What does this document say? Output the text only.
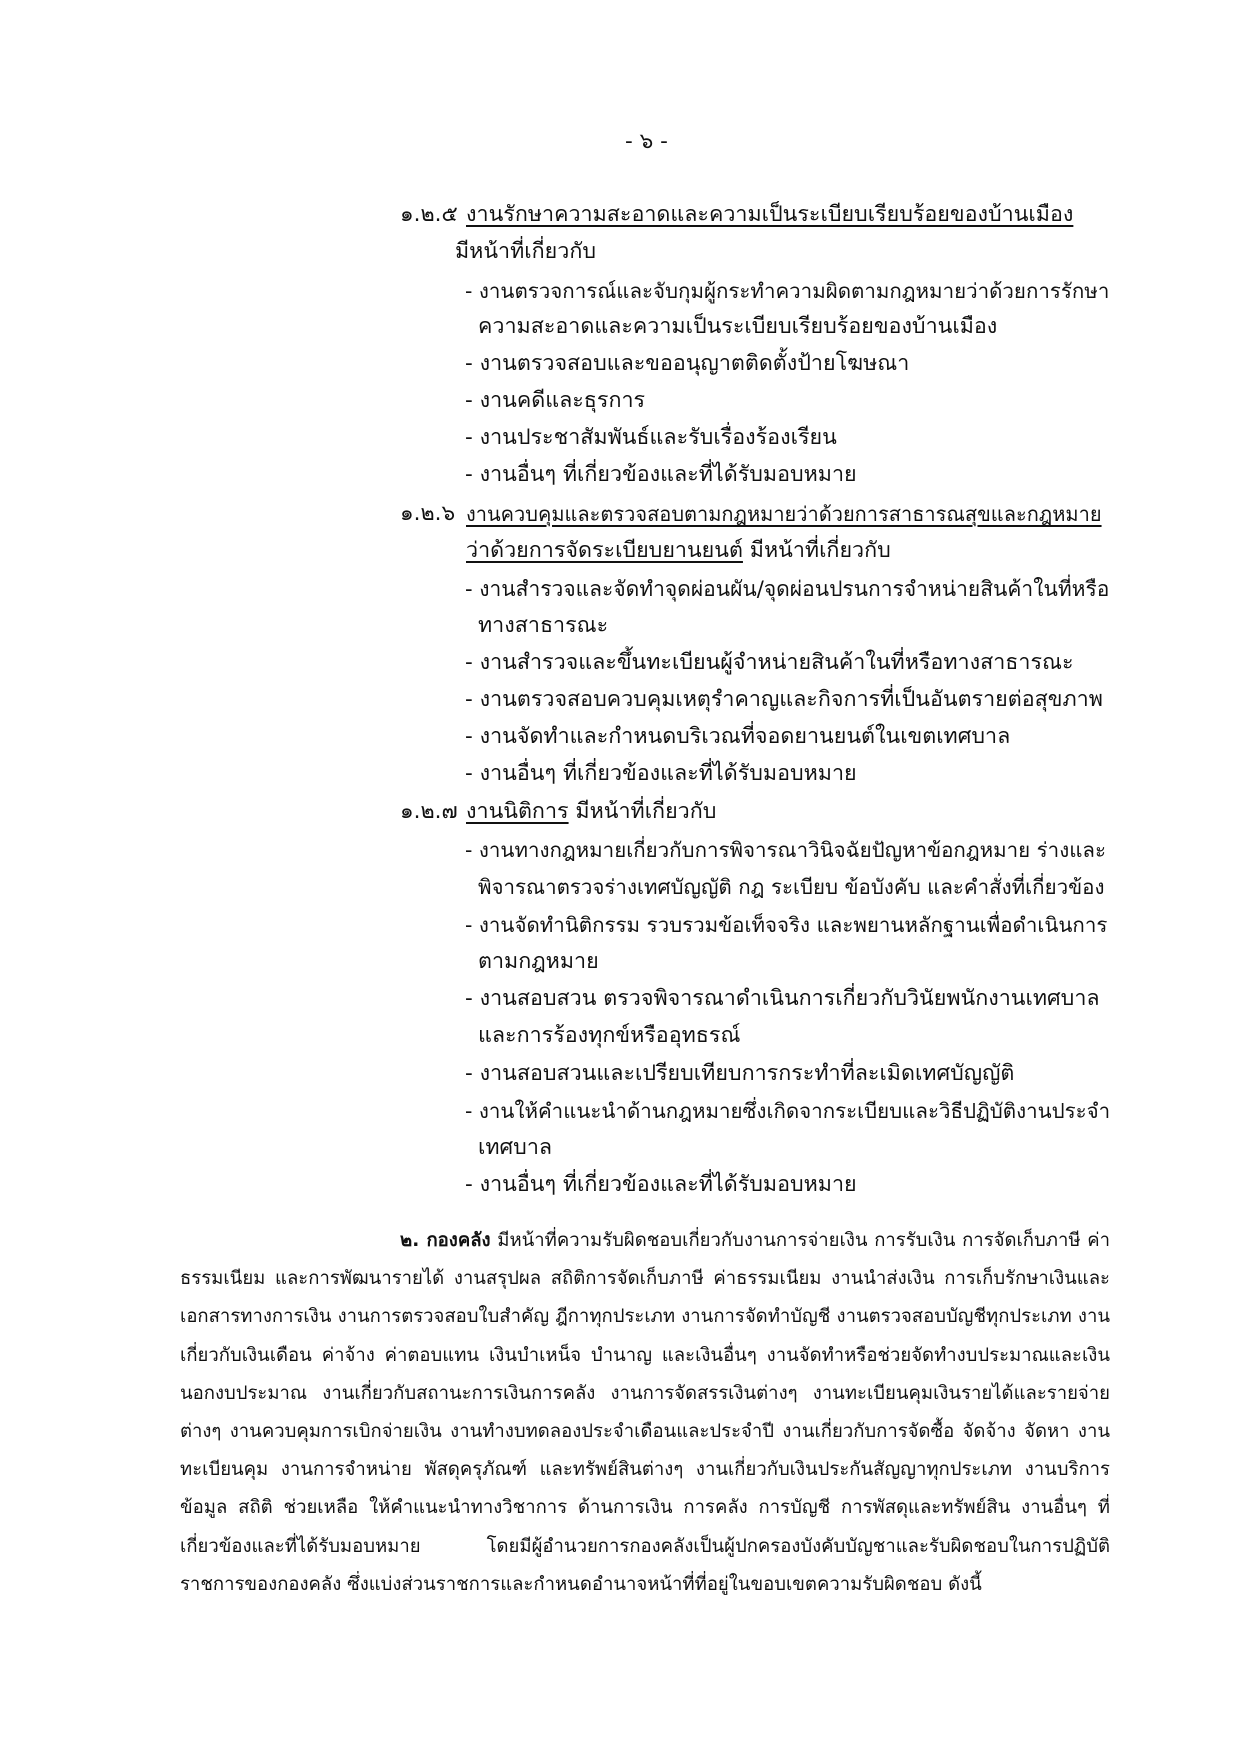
- ๖ -
๑.๒.๕ งานรักษาความสะอาดและความเป็นระเบียบเรียบร้อยของบ้านเมือง
มีหน้าที่เกี่ยวกับ
- งานตรวจการณ์และจับกุมผู้กระทำความผิดตามกฎหมายว่าด้วยการรักษา
ความสะอาดและความเป็นระเบียบเรียบร้อยของบ้านเมือง
- งานตรวจสอบและขออนุญาตติดตั้งป้ายโฆษณา
- งานคดีและธุรการ
- งานประชาสัมพันธ์และรับเรื่องร้องเรียน
- งานอื่นๆ ที่เกี่ยวข้องและที่ได้รับมอบหมาย
๑.๒.๖ งานควบคุมและตรวจสอบตามกฎหมายว่าด้วยการสาธารณสุขและกฎหมาย
ว่าด้วยการจัดระเบียบยานยนต์ มีหน้าที่เกี่ยวกับ
- งานสำรวจและจัดทำจุดผ่อนผัน/จุดผ่อนปรนการจำหน่ายสินค้าในที่หรือ
ทางสาธารณะ
- งานสำรวจและขึ้นทะเบียนผู้จำหน่ายสินค้าในที่หรือทางสาธารณะ
- งานตรวจสอบควบคุมเหตุรำคาญและกิจการที่เป็นอันตรายต่อสุขภาพ
- งานจัดทำและกำหนดบริเวณที่จอดยานยนต์ในเขตเทศบาล
- งานอื่นๆ ที่เกี่ยวข้องและที่ได้รับมอบหมาย
๑.๒.๗ งานนิติการ มีหน้าที่เกี่ยวกับ
- งานทางกฎหมายเกี่ยวกับการพิจารณาวินิจฉัยปัญหาข้อกฎหมาย ร่างและ
พิจารณาตรวจร่างเทศบัญญัติ กฎ ระเบียบ ข้อบังคับ และคำสั่งที่เกี่ยวข้อง
- งานจัดทำนิติกรรม รวบรวมข้อเท็จจริง และพยานหลักฐานเพื่อดำเนินการ
ตามกฎหมาย
- งานสอบสวน ตรวจพิจารณาดำเนินการเกี่ยวกับวินัยพนักงานเทศบาล
และการร้องทุกข์หรืออุทธรณ์
- งานสอบสวนและเปรียบเทียบการกระทำที่ละเมิดเทศบัญญัติ
- งานให้คำแนะนำด้านกฎหมายซึ่งเกิดจากระเบียบและวิธีปฏิบัติงานประจำ
เทศบาล
- งานอื่นๆ ที่เกี่ยวข้องและที่ได้รับมอบหมาย
๒. กองคลัง มีหน้าที่ความรับผิดชอบเกี่ยวกับงานการจ่ายเงิน การรับเงิน การจัดเก็บภาษี ค่าธรรมเนียม และการพัฒนารายได้ งานสรุปผล สถิติการจัดเก็บภาษี ค่าธรรมเนียม งานนำส่งเงิน การเก็บรักษาเงินและเอกสารทางการเงิน งานการตรวจสอบใบสำคัญ ฎีกาทุกประเภท งานการจัดทำบัญชี งานตรวจสอบบัญชีทุกประเภท งานเกี่ยวกับเงินเดือน ค่าจ้าง ค่าตอบแทน เงินบำเหน็จ บำนาญ และเงินอื่นๆ งานจัดทำหรือช่วยจัดทำงบประมาณและเงินนอกงบประมาณ งานเกี่ยวกับสถานะการเงินการคลัง งานการจัดสรรเงินต่างๆ งานทะเบียนคุมเงินรายได้และรายจ่ายต่างๆ งานควบคุมการเบิกจ่ายเงิน งานทำงบทดลองประจำเดือนและประจำปี งานเกี่ยวกับการจัดซื้อ จัดจ้าง จัดหา งานทะเบียนคุม งานการจำหน่าย พัสดุครุภัณฑ์ และทรัพย์สินต่างๆ งานเกี่ยวกับเงินประกันสัญญาทุกประเภท งานบริการข้อมูล สถิติ ช่วยเหลือ ให้คำแนะนำทางวิชาการ ด้านการเงิน การคลัง การบัญชี การพัสดุและทรัพย์สิน งานอื่นๆ ที่เกี่ยวข้องและที่ได้รับมอบหมาย โดยมีผู้อำนวยการกองคลังเป็นผู้ปกครองบังคับบัญชาและรับผิดชอบในการปฏิบัติราชการของกองคลัง ซึ่งแบ่งส่วนราชการและกำหนดอำนาจหน้าที่ที่อยู่ในขอบเขตความรับผิดชอบ ดังนี้
